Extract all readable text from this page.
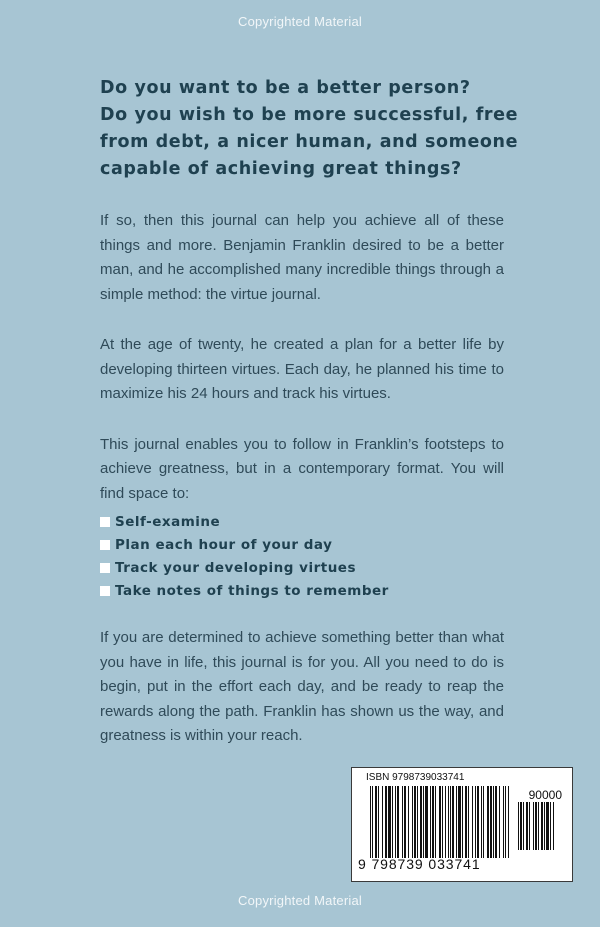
Copyrighted Material
Do you want to be a better person?
Do you wish to be more successful, free
from debt, a nicer human, and someone
capable of achieving great things?

If so, then this journal can help you achieve all of these things and more. Benjamin Franklin desired to be a better man, and he accomplished many incredible things through a simple method: the virtue journal.

At the age of twenty, he created a plan for a better life by developing thirteen virtues. Each day, he planned his time to maximize his 24 hours and track his virtues.

This journal enables you to follow in Franklin’s footsteps to achieve greatness, but in a contemporary format. You will find space to:

Self-examine
Plan each hour of your day
Track your developing virtues
Take notes of things to remember

If you are determined to achieve something better than what you have in life, this journal is for you. All you need to do is begin, put in the effort each day, and be ready to reap the rewards along the path. Franklin has shown us the way, and greatness is within your reach.

ISBN 9798739033741
90000
9 798739 033741
Copyrighted Material
